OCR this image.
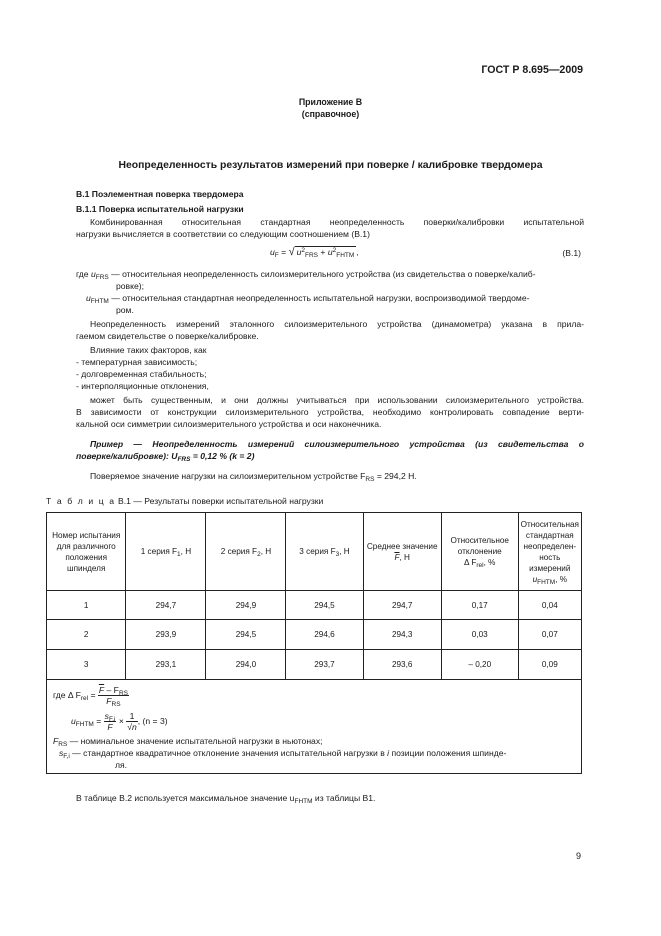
ГОСТ Р 8.695—2009
Приложение В
(справочное)
Неопределенность результатов измерений при поверке / калибровке твердомера
В.1 Поэлементная поверка твердомера
В.1.1 Поверка испытательной нагрузки
Комбинированная относительная стандартная неопределенность поверки/калибровки испытательной
нагрузки вычисляется в соответствии со следующим соотношением (В.1)
$u_F$ = √ $u^2_{FRS} + u^2_{FHTM}$ ,	(В.1)
где $u_{FRS}$ — относительная неопределенность силоизмерительного устройства (из свидетельства о поверке/калиб-
ровке);
$u_{FHTM}$ — относительная стандартная неопределенность испытательной нагрузки, воспроизводимой твердоме-
ром.
Неопределенность измерений эталонного силоизмерительного устройства (динамометра) указана в прила-
гаемом свидетельстве о поверке/калибровке.
Влияние таких факторов, как
- температурная зависимость;
- долговременная стабильность;
- интерполяционные отклонения,
может быть существенным, и они должны учитываться при использовании силоизмерительного устройства.
В зависимости от конструкции силоизмерительного устройства, необходимо контролировать совпадение верти-
кальной оси симметрии силоизмерительного устройства и оси наконечника.
Пример — Неопределенность измерений силоизмерительного устройства (из свидетельства о
поверке/калибровке): $U_{FRS} = 0,12$ % (k = 2)
Поверяемое значение нагрузки на силоизмерительном устройстве $F_{RS} = 294,2$ Н.
Т а б л и ц а В.1 — Результаты поверки испытательной нагрузки
Номер испытания для различного положения шпинделя	1 серия $F_1$, Н	2 серия $F_2$, Н	3 серия $F_3$, Н	Среднее значение $\overline{F}$, Н	Относительное отклонение
Δ $F_{rel}$, %	Относительная стандартная неопределен-ность измерений
$u_{FHTM}$, %
1	294,7	294,9	294,5	294,7	0,17	0,04
2	293,9	294,5	294,6	294,3	0,03	0,07
3	293,1	294,0	293,7	293,6	– 0,20	0,09
где Δ $F_{rel} = \frac{\overline{F} - F_{RS}}{F_{RS}}$
$u_{FHTM} = \frac{s_{F,i}}{F} \times \frac{1}{√n}$ , (n = 3)
$F_{RS}$ — номинальное значение испытательной нагрузки в ньютонах;
$s_{F,i}$ — стандартное квадратичное отклонение значения испытательной нагрузки в i позиции положения шпинде-
ля.
В таблице В.2 используется максимальное значение $u_{FHTM}$ из таблицы В1.
9
